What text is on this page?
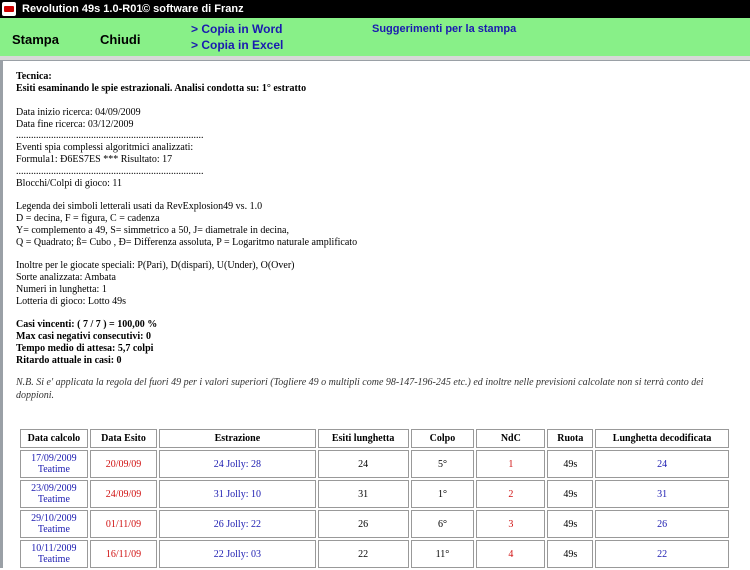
Revolution 49s 1.0-R01 © software di Franz
Stampa	Chiudi
> Copia in Word
> Copia in Excel
Suggerimenti per la stampa
Tecnica:
Esiti esaminando le spie estrazionali. Analisi condotta su: 1° estratto
Data inizio ricerca: 04/09/2009
Data fine ricerca: 03/12/2009
...........................................................................
Eventi spia complessi algoritmici analizzati:
Formula1: Ð6ES7ES *** Risultato: 17
...........................................................................
Blocchi/Colpi di gioco: 11
Legenda dei simboli letterali usati da RevExplosion49 vs. 1.0
D = decina, F = figura, C = cadenza
Y= complemento a 49, S= simmetrico a 50, J= diametrale in decina,
Q = Quadrato; ß= Cubo , Ð= Differenza assoluta, P = Logaritmo naturale amplificato
Inoltre per le giocate speciali: P(Pari), D(dispari), U(Under), O(Over)
Sorte analizzata: Ambata
Numeri in lunghetta: 1
Lotteria di gioco: Lotto 49s
Casi vincenti: ( 7 / 7 ) = 100,00 %
Max casi negativi consecutivi: 0
Tempo medio di attesa: 5,7 colpi
Ritardo attuale in casi: 0
N.B. Si e' applicata la regola del fuori 49 per i valori superiori (Togliere 49 o multipli come 98-147-196-245 etc.) ed inoltre nelle previsioni calcolate non si terrà conto dei doppioni.
Data calcolo	Data Esito	Estrazione	Esiti lunghetta	Colpo	NdC	Ruota	Lunghetta decodificata

17/09/2009
Teatime	20/09/09	24 Jolly: 28	24	5°	1	49s	24

23/09/2009
Teatime	24/09/09	31 Jolly: 10	31	1°	2	49s	31

29/10/2009
Teatime	01/11/09	26 Jolly: 22	26	6°	3	49s	26

10/11/2009
Teatime	16/11/09	22 Jolly: 03	22	11°	4	49s	22
